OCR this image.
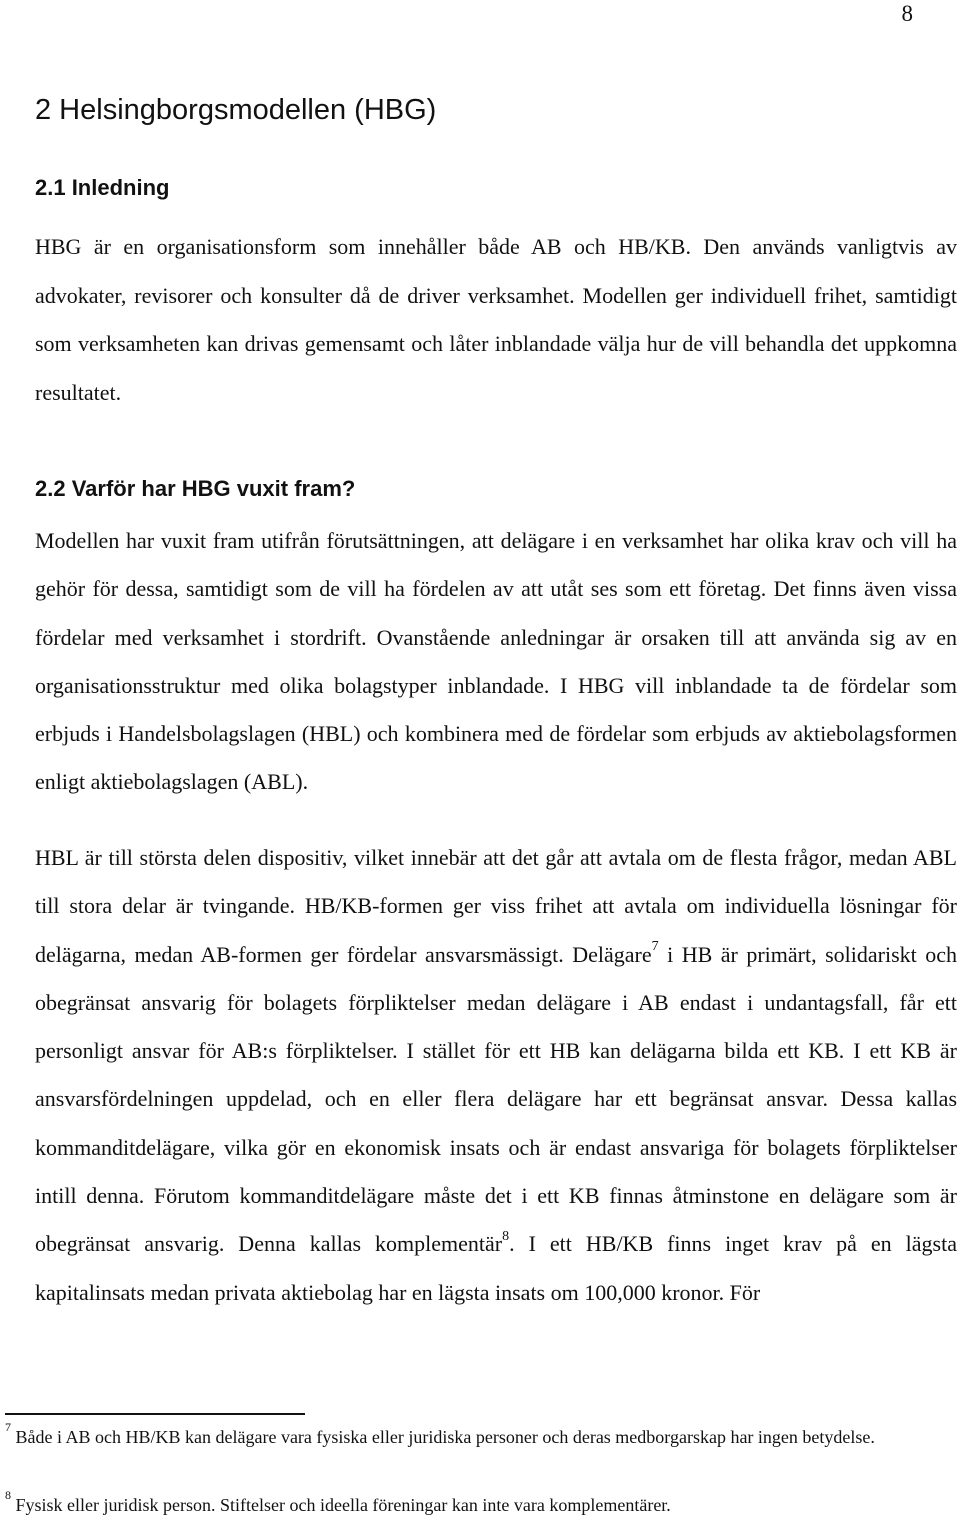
8
2 Helsingborgsmodellen (HBG)
2.1 Inledning

HBG är en organisationsform som innehåller både AB och HB/KB. Den används vanligtvis av advokater, revisorer och konsulter då de driver verksamhet. Modellen ger individuell frihet, samtidigt som verksamheten kan drivas gemensamt och låter inblandade välja hur de vill behandla det uppkomna resultatet.

2.2 Varför har HBG vuxit fram?

Modellen har vuxit fram utifrån förutsättningen, att delägare i en verksamhet har olika krav och vill ha gehör för dessa, samtidigt som de vill ha fördelen av att utåt ses som ett företag. Det finns även vissa fördelar med verksamhet i stordrift. Ovanstående anledningar är orsaken till att använda sig av en organisationsstruktur med olika bolagstyper inblandade. I HBG vill inblandade ta de fördelar som erbjuds i Handelsbolagslagen (HBL) och kombinera med de fördelar som erbjuds av aktiebolagsformen enligt aktiebolagslagen (ABL).

HBL är till största delen dispositiv, vilket innebär att det går att avtala om de flesta frågor, medan ABL till stora delar är tvingande. HB/KB-formen ger viss frihet att avtala om individuella lösningar för delägarna, medan AB-formen ger fördelar ansvarsmässigt. Delägare$^7$ i HB är primärt, solidariskt och obegränsat ansvarig för bolagets förpliktelser medan delägare i AB endast i undantagsfall, får ett personligt ansvar för AB:s förpliktelser. I stället för ett HB kan delägarna bilda ett KB. I ett KB är ansvarsfördelningen uppdelad, och en eller flera delägare har ett begränsat ansvar. Dessa kallas kommanditdelägare, vilka gör en ekonomisk insats och är endast ansvariga för bolagets förpliktelser intill denna. Förutom kommanditdelägare måste det i ett KB finnas åtminstone en delägare som är obegränsat ansvarig. Denna kallas komplementär$^8$. I ett HB/KB finns inget krav på en lägsta kapitalinsats medan privata aktiebolag har en lägsta insats om 100,000 kronor. För

$^7$ Både i AB och HB/KB kan delägare vara fysiska eller juridiska personer och deras medborgarskap har ingen betydelse.

$^8$ Fysisk eller juridisk person. Stiftelser och ideella föreningar kan inte vara komplementärer.
